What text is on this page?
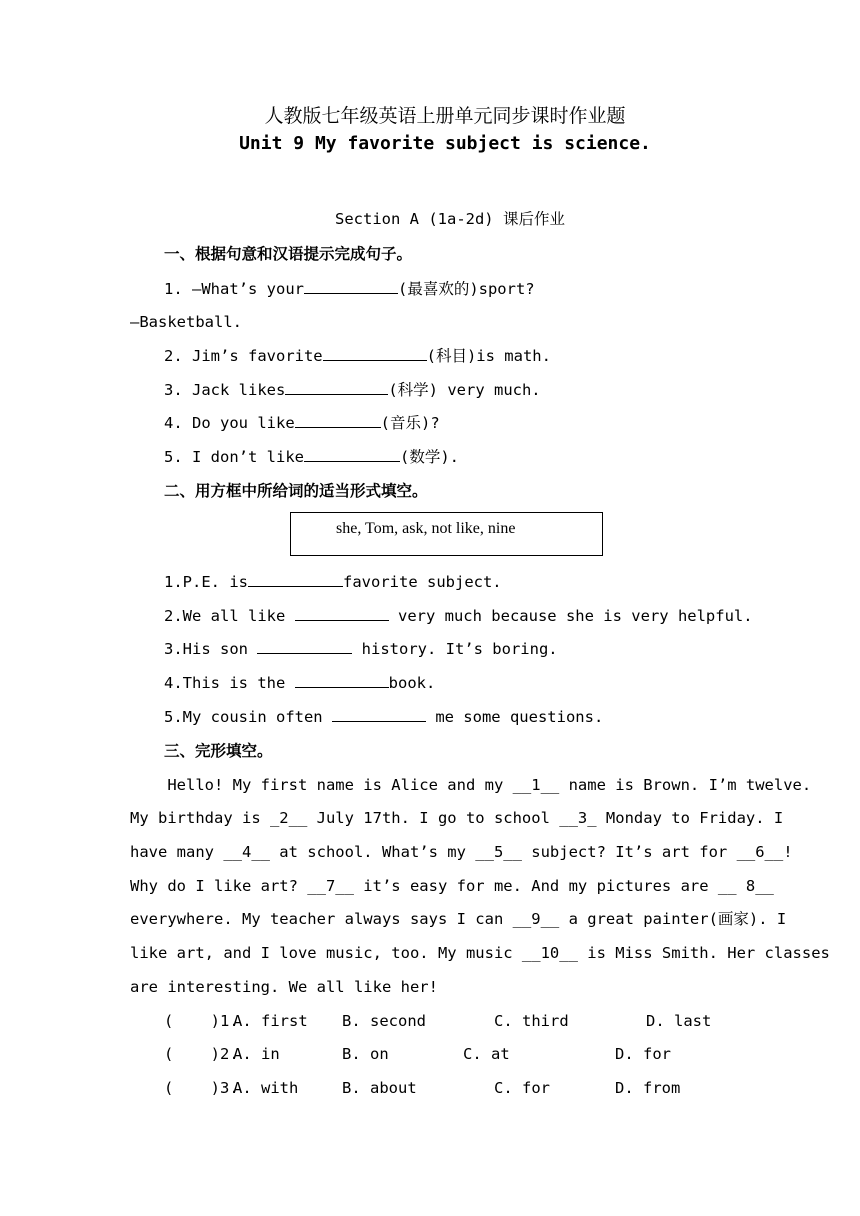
人教版七年级英语上册单元同步课时作业题
Unit 9 My favorite subject is science.
Section A (1a-2d) 课后作业
一、根据句意和汉语提示完成句子。
1. —What’s your	(最喜欢的)sport?
—Basketball.
2. Jim’s favorite	(科目)is math.
3. Jack likes	(科学) very much.
4. Do you like	(音乐)?
5. I don’t like	(数学).
二、用方框中所给词的适当形式填空。
she, Tom, ask, not like, nine
1.P.E. is	favorite subject.
2.We all like	very much because she is very helpful.
3.His son	history. It’s boring.
4.This is the	book.
5.My cousin often	me some questions.
三、完形填空。
Hello! My first name is Alice and my __1__ name is Brown. I’m twelve.
My birthday is _2__ July 17th. I go to school __3_ Monday to Friday. I
have many __4__ at school. What’s my __5__ subject? It’s art for __6__!
Why do I like art? __7__ it’s easy for me. And my pictures are __ 8__
everywhere. My teacher always says I can __9__ a great painter(画家). I
like art, and I love music, too. My music __10__ is Miss Smith. Her classes
are interesting. We all like her!
(    )1.
A. first B. second	C. third	D. last
(    )2.
A. in	B. on	C. at	D. for
(    )3.
A. with	B. about	C. for	D. from
